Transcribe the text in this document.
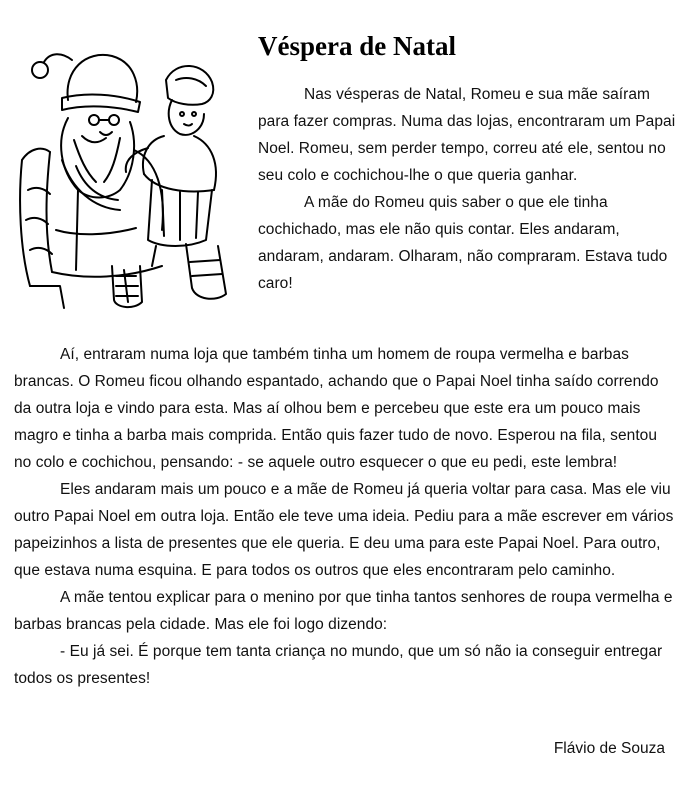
Véspera de Natal

Nas vésperas de Natal, Romeu e sua mãe saíram para fazer compras. Numa das lojas, encontraram um Papai Noel. Romeu, sem perder tempo, correu até ele, sentou no seu colo e cochichou-lhe o que queria ganhar.

A mãe do Romeu quis saber o que ele tinha cochichado, mas ele não quis contar. Eles andaram, andaram, andaram. Olharam, não compraram. Estava tudo caro!

Aí, entraram numa loja que também tinha um homem de roupa vermelha e barbas brancas. O Romeu ficou olhando espantado, achando que o Papai Noel tinha saído correndo da outra loja e vindo para esta. Mas aí olhou bem e percebeu que este era um pouco mais magro e tinha a barba mais comprida. Então quis fazer tudo de novo. Esperou na fila, sentou no colo e cochichou, pensando: - se aquele outro esquecer o que eu pedi, este lembra!

Eles andaram mais um pouco e a mãe de Romeu já queria voltar para casa. Mas ele viu outro Papai Noel em outra loja. Então ele teve uma ideia. Pediu para a mãe escrever em vários papeizinhos a lista de presentes que ele queria. E deu uma para este Papai Noel. Para outro, que estava numa esquina. E para todos os outros que eles encontraram pelo caminho.

A mãe tentou explicar para o menino por que tinha tantos senhores de roupa vermelha e barbas brancas pela cidade. Mas ele foi logo dizendo:

- Eu já sei. É porque tem tanta criança no mundo, que um só não ia conseguir entregar todos os presentes!

Flávio de Souza
